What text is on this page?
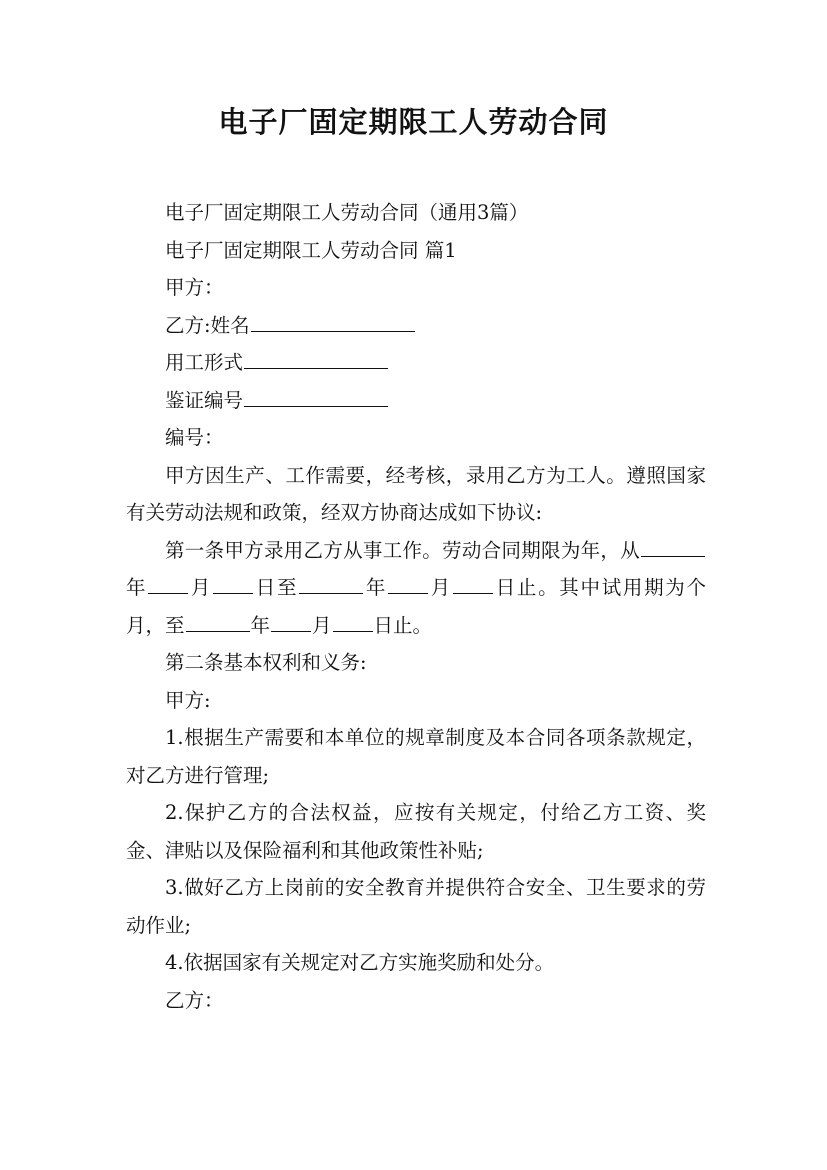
电子厂固定期限工人劳动合同

电子厂固定期限工人劳动合同（通用3篇）

电子厂固定期限工人劳动合同 篇1

甲方：

乙方:姓名

用工形式

鉴证编号

编号：

甲方因生产、工作需要，经考核，录用乙方为工人。遵照国家有关劳动法规和政策，经双方协商达成如下协议:

第一条甲方录用乙方从事工作。劳动合同期限为年，从年 月 日至	年 月 日止。其中试用期为个月，至	年 月 日止。

第二条基本权利和义务:

甲方:

1.根据生产需要和本单位的规章制度及本合同各项条款规定，对乙方进行管理;

2.保护乙方的合法权益，应按有关规定，付给乙方工资、奖金、津贴以及保险福利和其他政策性补贴;

3.做好乙方上岗前的安全教育并提供符合安全、卫生要求的劳动作业;

4.依据国家有关规定对乙方实施奖励和处分。

乙方：
